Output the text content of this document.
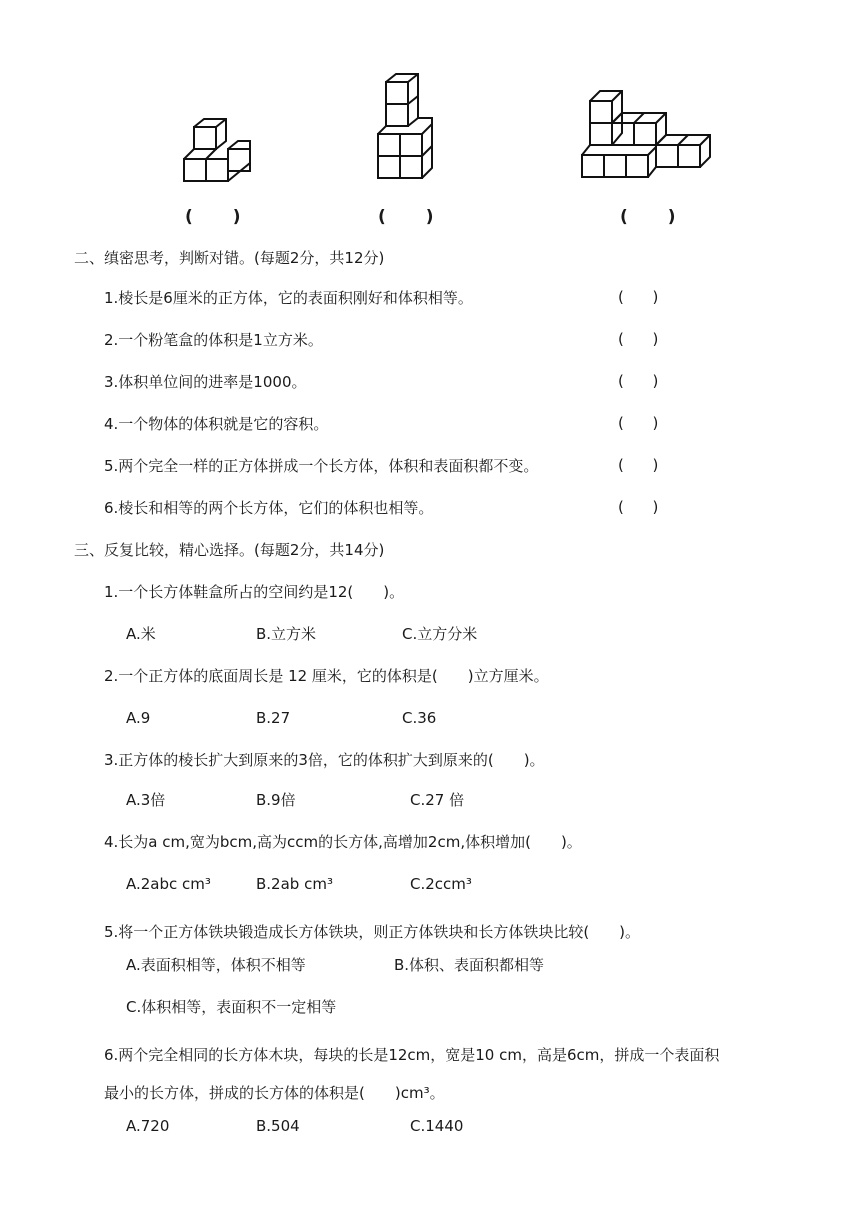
(　　)	(　　)	(　　)
二、缜密思考，判断对错。(每题2分，共12分)
1.棱长是6厘米的正方体，它的表面积刚好和体积相等。	(      )
2.一个粉笔盒的体积是1立方米。	(      )
3.体积单位间的进率是1000。	(      )
4.一个物体的体积就是它的容积。	(      )
5.两个完全一样的正方体拼成一个长方体，体积和表面积都不变。	(      )
6.棱长和相等的两个长方体，它们的体积也相等。	(      )
三、反复比较，精心选择。(每题2分，共14分)
1.一个长方体鞋盒所占的空间约是12(　　)。
A.米	B.立方米	C.立方分米
2.一个正方体的底面周长是 12 厘米，它的体积是(　　)立方厘米。
A.9	B.27	C.36
3.正方体的棱长扩大到原来的3倍，它的体积扩大到原来的(　　)。
A.3倍	B.9倍	C.27 倍
4.长为a cm,宽为bcm,高为ccm的长方体,高增加2cm,体积增加(　　)。
A.2abc cm³	B.2ab cm³	C.2ccm³
5.将一个正方体铁块锻造成长方体铁块，则正方体铁块和长方体铁块比较(　　)。
A.表面积相等，体积不相等	B.体积、表面积都相等
C.体积相等，表面积不一定相等
6.两个完全相同的长方体木块，每块的长是12cm，宽是10 cm，高是6cm，拼成一个表面积
最小的长方体，拼成的长方体的体积是(　　)cm³。
A.720	B.504	C.1440
